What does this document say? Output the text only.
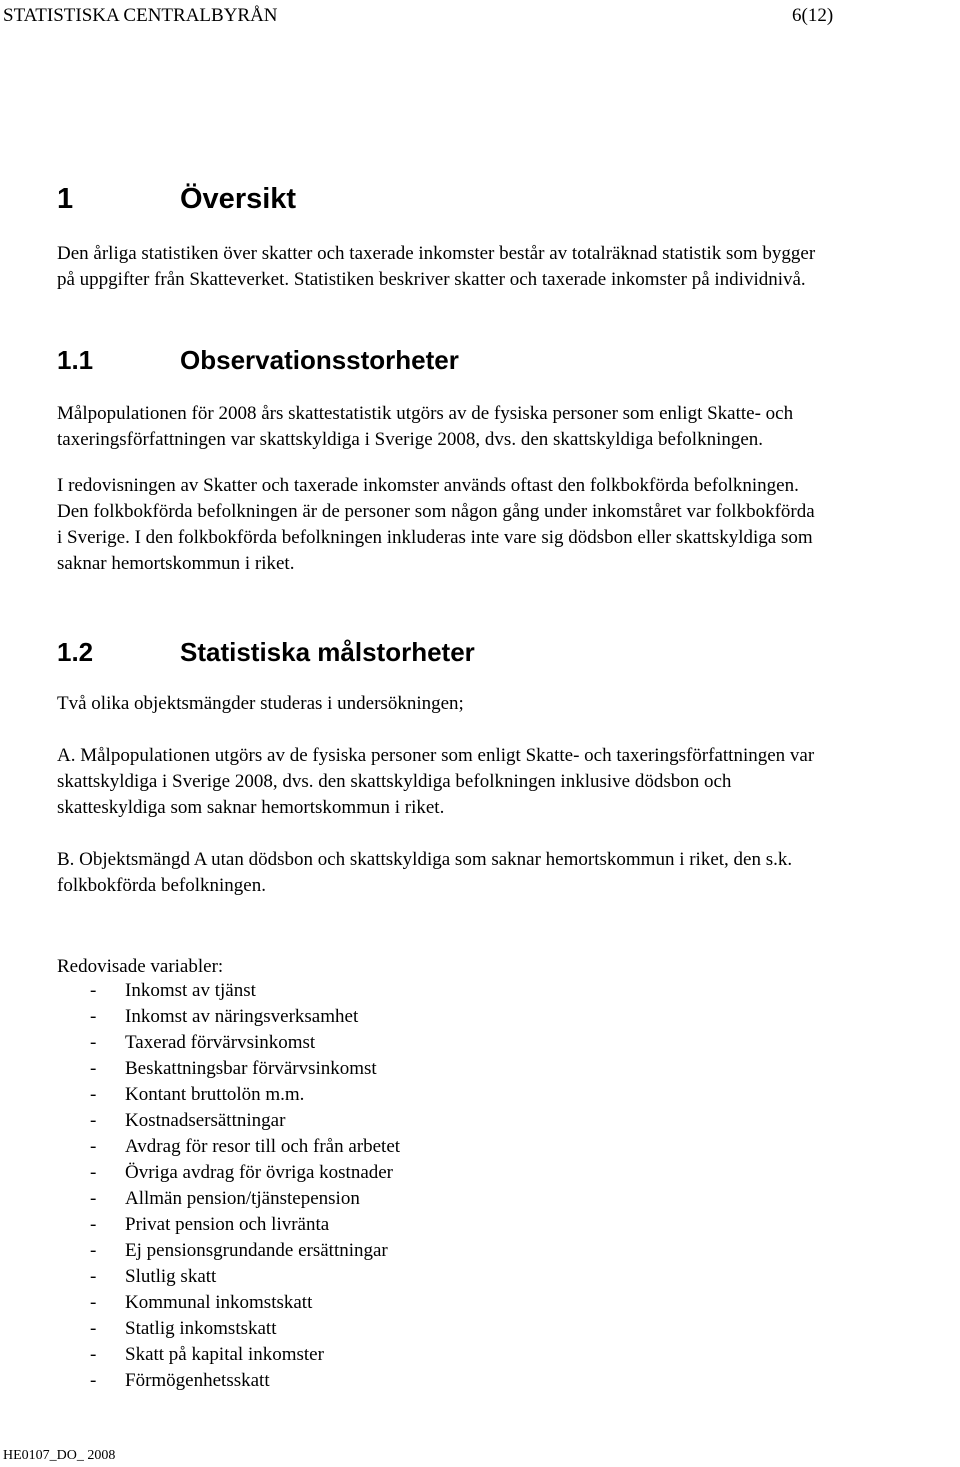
STATISTISKA CENTRALBYRÅN	6(12)
1	Översikt
Den årliga statistiken över skatter och taxerade inkomster består av totalräknad statistik som bygger
på uppgifter från Skatteverket. Statistiken beskriver skatter och taxerade inkomster på individnivå.
1.1	Observationsstorheter
Målpopulationen för 2008 års skattestatistik utgörs av de fysiska personer som enligt Skatte- och
taxeringsförfattningen var skattskyldiga i Sverige 2008, dvs. den skattskyldiga befolkningen.
I redovisningen av Skatter och taxerade inkomster används oftast den folkbokförda befolkningen.
Den folkbokförda befolkningen är de personer som någon gång under inkomståret var folkbokförda
i Sverige. I den folkbokförda befolkningen inkluderas inte vare sig dödsbon eller skattskyldiga som
saknar hemortskommun i riket.
1.2	Statistiska målstorheter
Två olika objektsmängder studeras i undersökningen;
A. Målpopulationen utgörs av de fysiska personer som enligt Skatte- och taxeringsförfattningen var
skattskyldiga i Sverige 2008, dvs. den skattskyldiga befolkningen inklusive dödsbon och
skatteskyldiga som saknar hemortskommun i riket.
B. Objektsmängd A utan dödsbon och skattskyldiga som saknar hemortskommun i riket, den s.k.
folkbokförda befolkningen.
Redovisade variabler:
- Inkomst av tjänst
- Inkomst av näringsverksamhet
- Taxerad förvärvsinkomst
- Beskattningsbar förvärvsinkomst
- Kontant bruttolön m.m.
- Kostnadsersättningar
- Avdrag för resor till och från arbetet
- Övriga avdrag för övriga kostnader
- Allmän pension/tjänstepension
- Privat pension och livränta
- Ej pensionsgrundande ersättningar
- Slutlig skatt
- Kommunal inkomstskatt
- Statlig inkomstskatt
- Skatt på kapital inkomster
- Förmögenhetsskatt
HE0107_DO_ 2008
